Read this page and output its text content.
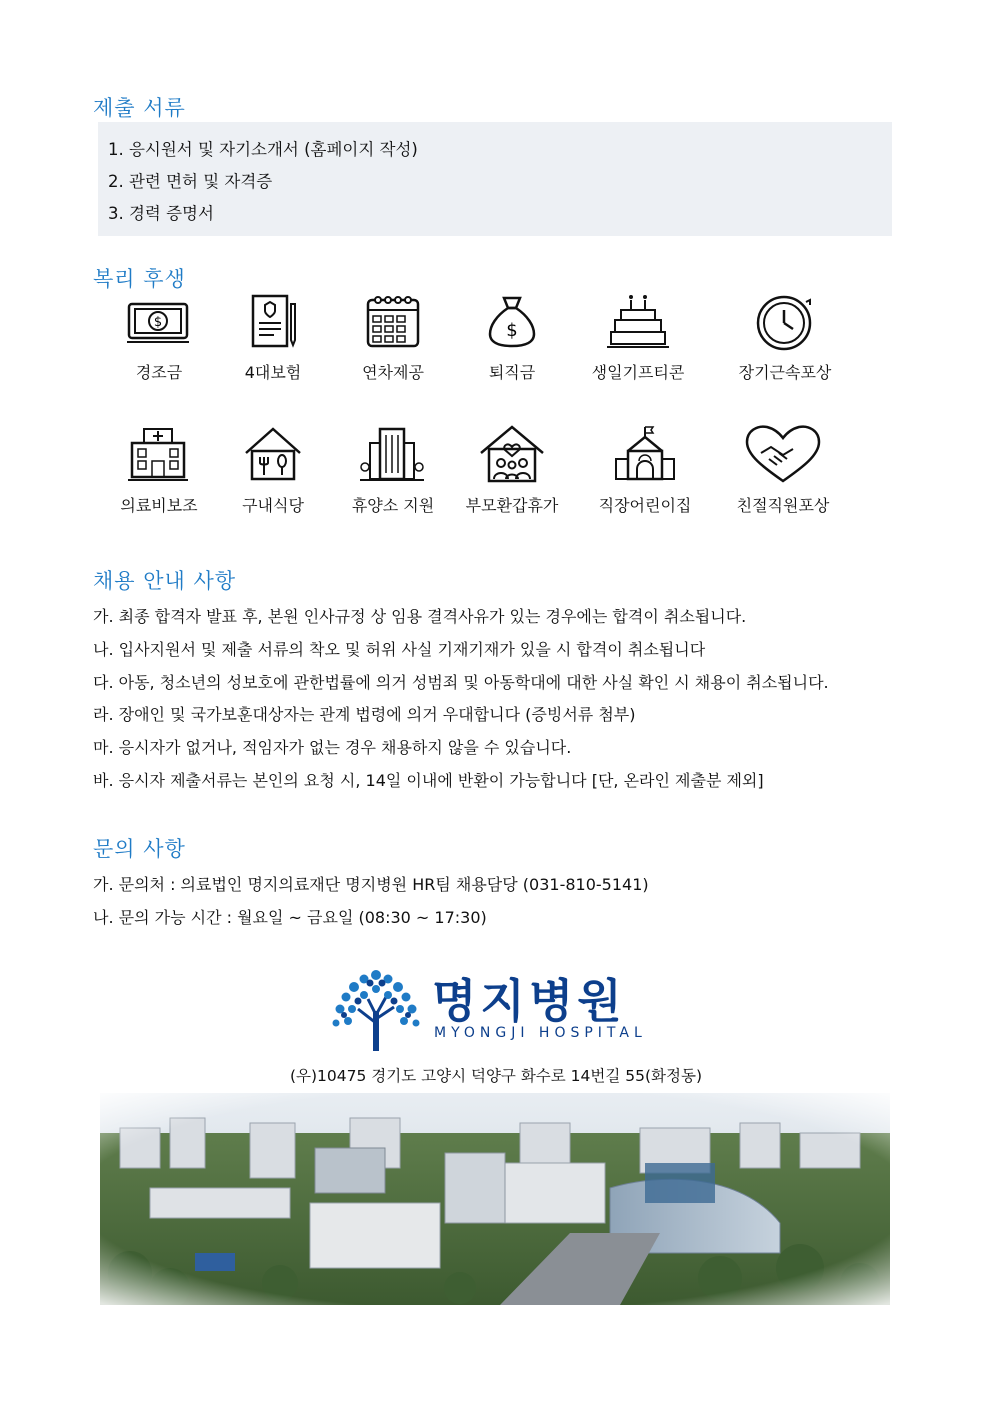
제출 서류
1. 응시원서 및 자기소개서 (홈페이지 작성)
2. 관련 면허 및 자격증
3. 경력 증명서
복리 후생
$
경조금	4대보험	연차제공
$
퇴직금	생일기프티콘	장기근속포상
의료비보조	구내식당	휴양소 지원	부모환갑휴가	직장어린이집	친절직원포상
채용 안내 사항
가. 최종 합격자 발표 후, 본원 인사규정 상 임용 결격사유가 있는 경우에는 합격이 취소됩니다.
나. 입사지원서 및 제출 서류의 착오 및 허위 사실 기재기재가 있을 시 합격이 취소됩니다
다. 아동, 청소년의 성보호에 관한법률에 의거 성범죄 및 아동학대에 대한 사실 확인 시 채용이 취소됩니다.
라. 장애인 및 국가보훈대상자는 관계 법령에 의거 우대합니다 (증빙서류 첨부)
마. 응시자가 없거나, 적임자가 없는 경우 채용하지 않을 수 있습니다.
바. 응시자 제출서류는 본인의 요청 시, 14일 이내에 반환이 가능합니다 [단, 온라인 제출분 제외]
문의 사항
가. 문의처 : 의료법인 명지의료재단 명지병원 HR팀 채용담당 (031-810-5141)
나. 문의 가능 시간 : 월요일 ~ 금요일 (08:30 ~ 17:30)
명지병원
MYONGJI HOSPITAL
(우)10475 경기도 고양시 덕양구 화수로 14번길 55(화정동)
